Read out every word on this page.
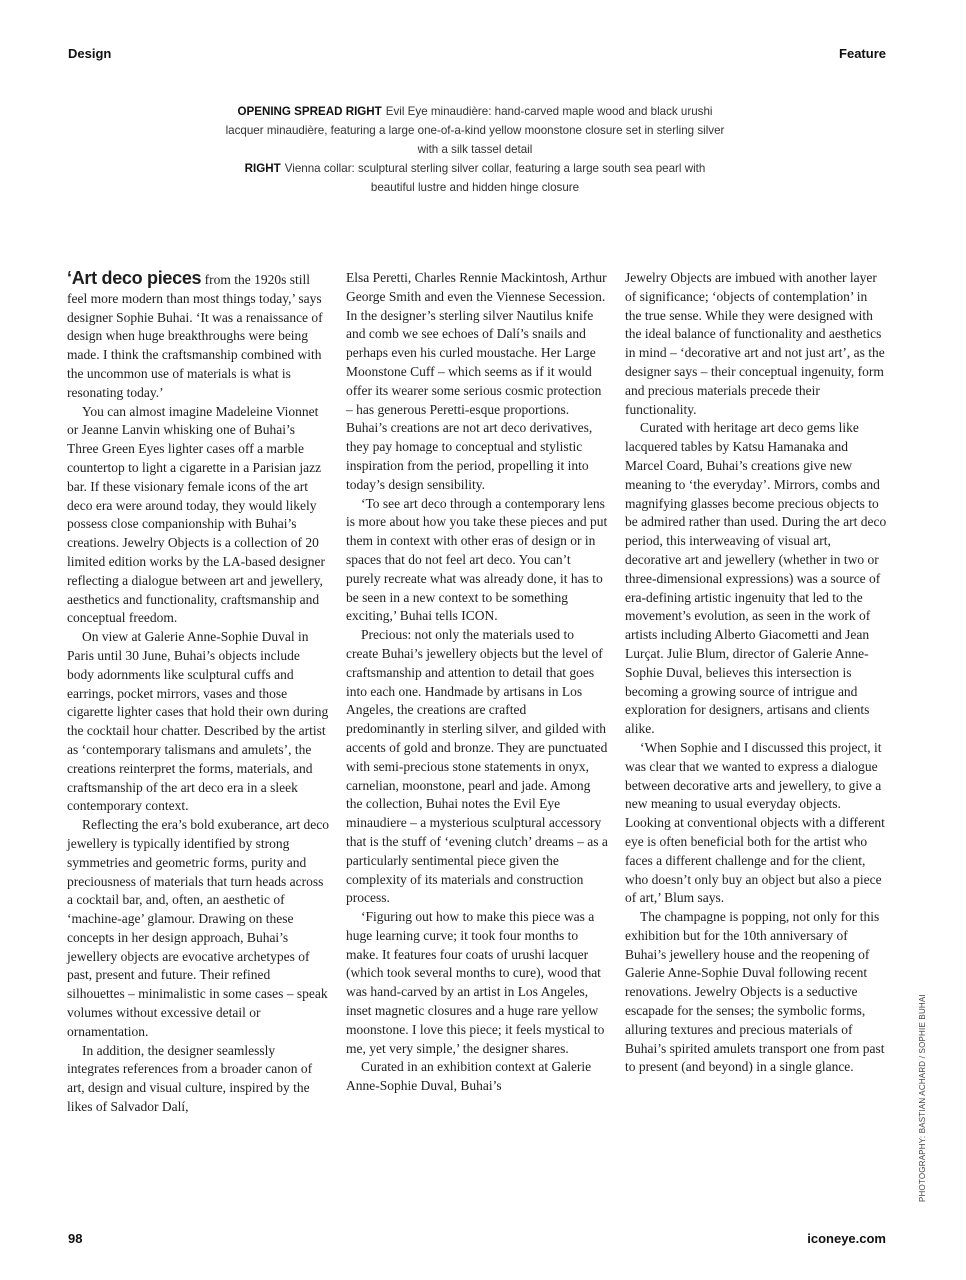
Design	Feature
OPENING SPREAD RIGHT Evil Eye minaudière: hand-carved maple wood and black urushi lacquer minaudière, featuring a large one-of-a-kind yellow moonstone closure set in sterling silver with a silk tassel detail
RIGHT Vienna collar: sculptural sterling silver collar, featuring a large south sea pearl with beautiful lustre and hidden hinge closure

‘Art deco pieces from the 1920s still feel more modern than most things today,’ says designer Sophie Buhai. ‘It was a renaissance of design when huge breakthroughs were being made. I think the craftsmanship combined with the uncommon use of materials is what is resonating today.’

You can almost imagine Madeleine Vionnet or Jeanne Lanvin whisking one of Buhai’s Three Green Eyes lighter cases off a marble countertop to light a cigarette in a Parisian jazz bar. If these visionary female icons of the art deco era were around today, they would likely possess close companionship with Buhai’s creations. Jewelry Objects is a collection of 20 limited edition works by the LA-based designer reflecting a dialogue between art and jewellery, aesthetics and functionality, craftsmanship and conceptual freedom.

On view at Galerie Anne-Sophie Duval in Paris until 30 June, Buhai’s objects include body adornments like sculptural cuffs and earrings, pocket mirrors, vases and those cigarette lighter cases that hold their own during the cocktail hour chatter. Described by the artist as ‘contemporary talismans and amulets’, the creations reinterpret the forms, materials, and craftsmanship of the art deco era in a sleek contemporary context.

Reflecting the era’s bold exuberance, art deco jewellery is typically identified by strong symmetries and geometric forms, purity and preciousness of materials that turn heads across a cocktail bar, and, often, an aesthetic of ‘machine-age’ glamour. Drawing on these concepts in her design approach, Buhai’s jewellery objects are evocative archetypes of past, present and future. Their refined silhouettes – minimalistic in some cases – speak volumes without excessive detail or ornamentation.

In addition, the designer seamlessly integrates references from a broader canon of art, design and visual culture, inspired by the likes of Salvador Dalí,

Elsa Peretti, Charles Rennie Mackintosh, Arthur George Smith and even the Viennese Secession. In the designer’s sterling silver Nautilus knife and comb we see echoes of Dalí’s snails and perhaps even his curled moustache. Her Large Moonstone Cuff – which seems as if it would offer its wearer some serious cosmic protection – has generous Peretti-esque proportions. Buhai’s creations are not art deco derivatives, they pay homage to conceptual and stylistic inspiration from the period, propelling it into today’s design sensibility.

‘To see art deco through a contemporary lens is more about how you take these pieces and put them in context with other eras of design or in spaces that do not feel art deco. You can’t purely recreate what was already done, it has to be seen in a new context to be something exciting,’ Buhai tells ICON.

Precious: not only the materials used to create Buhai’s jewellery objects but the level of craftsmanship and attention to detail that goes into each one. Handmade by artisans in Los Angeles, the creations are crafted predominantly in sterling silver, and gilded with accents of gold and bronze. They are punctuated with semi-precious stone statements in onyx, carnelian, moonstone, pearl and jade. Among the collection, Buhai notes the Evil Eye minaudiere – a mysterious sculptural accessory that is the stuff of ‘evening clutch’ dreams – as a particularly sentimental piece given the complexity of its materials and construction process.

‘Figuring out how to make this piece was a huge learning curve; it took four months to make. It features four coats of urushi lacquer (which took several months to cure), wood that was hand-carved by an artist in Los Angeles, inset magnetic closures and a huge rare yellow moonstone. I love this piece; it feels mystical to me, yet very simple,’ the designer shares.

Curated in an exhibition context at Galerie Anne-Sophie Duval, Buhai’s

Jewelry Objects are imbued with another layer of significance; ‘objects of contemplation’ in the true sense. While they were designed with the ideal balance of functionality and aesthetics in mind – ‘decorative art and not just art’, as the designer says – their conceptual ingenuity, form and precious materials precede their functionality.

Curated with heritage art deco gems like lacquered tables by Katsu Hamanaka and Marcel Coard, Buhai’s creations give new meaning to ‘the everyday’. Mirrors, combs and magnifying glasses become precious objects to be admired rather than used. During the art deco period, this interweaving of visual art, decorative art and jewellery (whether in two or three-dimensional expressions) was a source of era-defining artistic ingenuity that led to the movement’s evolution, as seen in the work of artists including Alberto Giacometti and Jean Lurçat. Julie Blum, director of Galerie Anne-Sophie Duval, believes this intersection is becoming a growing source of intrigue and exploration for designers, artisans and clients alike.

‘When Sophie and I discussed this project, it was clear that we wanted to express a dialogue between decorative arts and jewellery, to give a new meaning to usual everyday objects. Looking at conventional objects with a different eye is often beneficial both for the artist who faces a different challenge and for the client, who doesn’t only buy an object but also a piece of art,’ Blum says.

The champagne is popping, not only for this exhibition but for the 10th anniversary of Buhai’s jewellery house and the reopening of Galerie Anne-Sophie Duval following recent renovations. Jewelry Objects is a seductive escapade for the senses; the symbolic forms, alluring textures and precious materials of Buhai’s spirited amulets transport one from past to present (and beyond) in a single glance.	PHOTOGRAPHY: BASTIAN ACHARD / SOPHIE BUHAI
98	iconeye.com
